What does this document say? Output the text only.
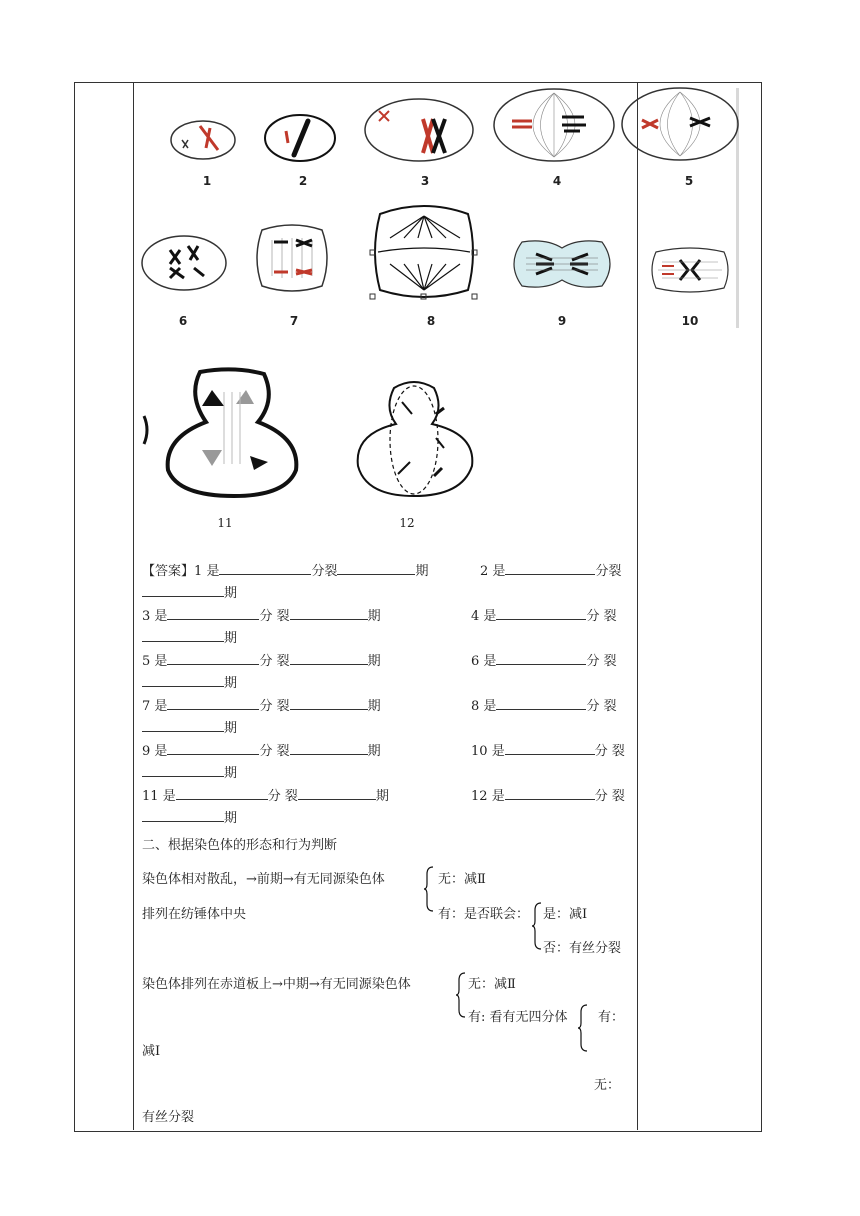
1	2	3	4	5
6	7	8	9	10
11	12
【答案】1 是	分裂	期	2 是	分裂
期
3 是	分 裂	期	4 是	分 裂
期
5 是	分 裂	期	6 是	分 裂
期
7 是	分 裂	期	8 是	分 裂
期
9 是	分 裂	期	10 是	分 裂
期
11 是	分 裂	期	12 是	分 裂
期
二、根据染色体的形态和行为判断
染色体相对散乱，→前期→有无同源染色体	无：减Ⅱ
排列在纺锤体中央	有：是否联会： 是：减Ⅰ
否：有丝分裂
染色体排列在赤道板上→中期→有无同源染色体	无：减Ⅱ
有: 看有无四分体 有：
减Ⅰ
无：
有丝分裂
